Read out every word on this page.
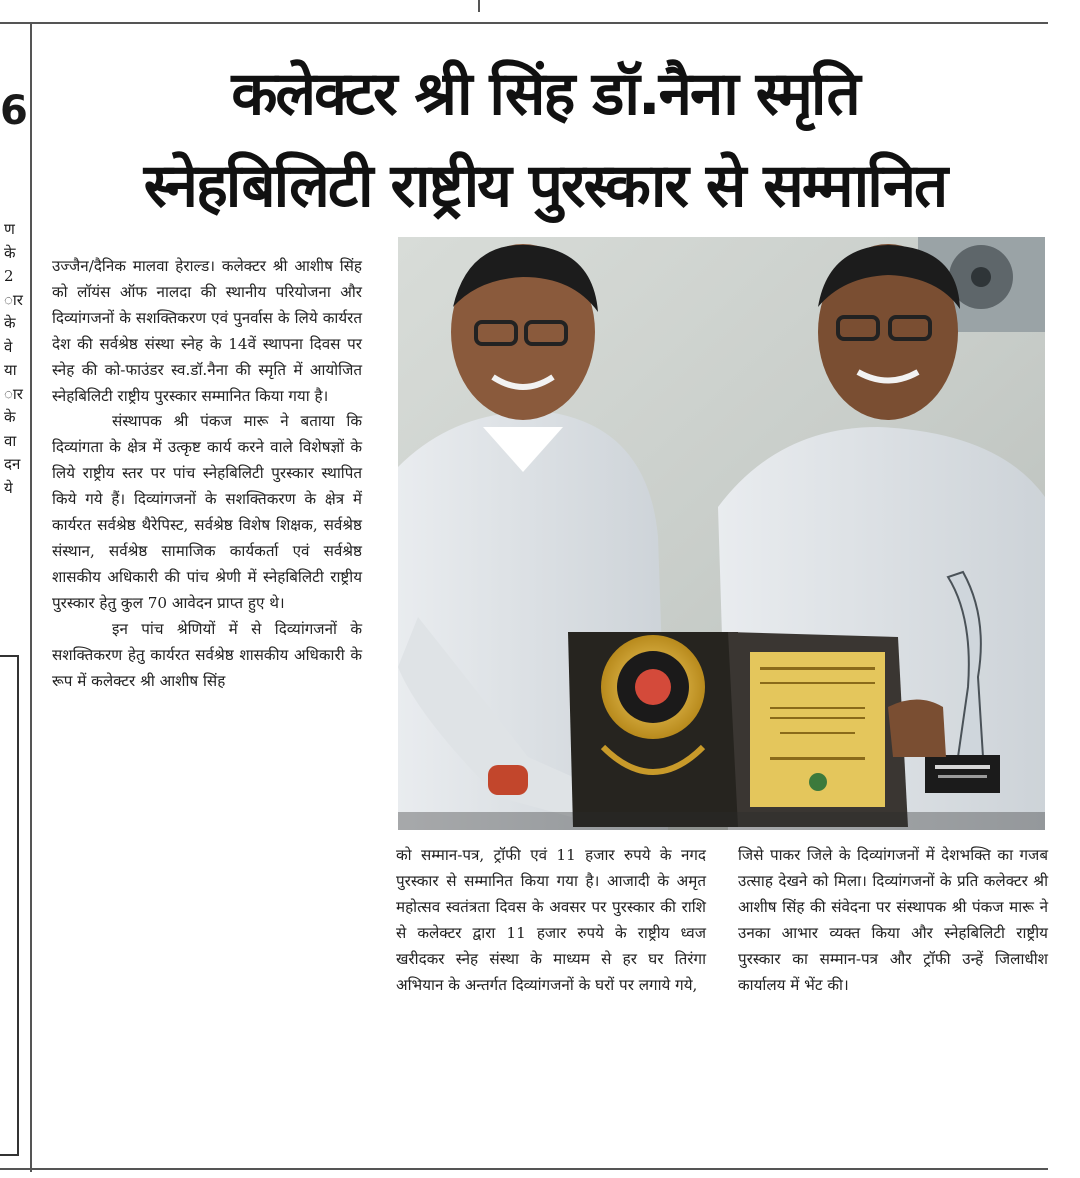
6
ण
के
2
ार
के
वे
या
ार
के
वा
दन
ये
कलेक्टर श्री सिंह डॉ.नैना स्मृति
स्नेहबिलिटी राष्ट्रीय पुरस्कार से सम्मानित

उज्जैन/दैनिक मालवा हेराल्ड। कलेक्टर श्री आशीष सिंह को लॉयंस ऑफ नालदा की स्थानीय परियोजना और दिव्यांगजनों के सशक्तिकरण एवं पुनर्वास के लिये कार्यरत देश की सर्वश्रेष्ठ संस्था स्नेह के 14वें स्थापना दिवस पर स्नेह की को-फाउंडर स्व.डॉ.नैना की स्मृति में आयोजित स्नेहबिलिटी राष्ट्रीय पुरस्कार सम्मानित किया गया है।

संस्थापक श्री पंकज मारू ने बताया कि दिव्यांगता के क्षेत्र में उत्कृष्ट कार्य करने वाले विशेषज्ञों के लिये राष्ट्रीय स्तर पर पांच स्नेहबिलिटी पुरस्कार स्थापित किये गये हैं। दिव्यांगजनों के सशक्तिकरण के क्षेत्र में कार्यरत सर्वश्रेष्ठ थैरेपिस्ट, सर्वश्रेष्ठ विशेष शिक्षक, सर्वश्रेष्ठ संस्थान, सर्वश्रेष्ठ सामाजिक कार्यकर्ता एवं सर्वश्रेष्ठ शासकीय अधिकारी की पांच श्रेणी में स्नेहबिलिटी राष्ट्रीय पुरस्कार हेतु कुल 70 आवेदन प्राप्त हुए थे।

इन पांच श्रेणियों में से दिव्यांगजनों के सशक्तिकरण हेतु कार्यरत सर्वश्रेष्ठ शासकीय अधिकारी के रूप में कलेक्टर श्री आशीष सिंह

को सम्मान-पत्र, ट्रॉफी एवं 11 हजार रुपये के नगद पुरस्कार से सम्मानित किया गया है। आजादी के अमृत महोत्सव स्वतंत्रता दिवस के अवसर पर पुरस्कार की राशि से कलेक्टर द्वारा 11 हजार रुपये के राष्ट्रीय ध्वज खरीदकर स्नेह संस्था के माध्यम से हर घर तिरंगा अभियान के अन्तर्गत दिव्यांगजनों के घरों पर लगाये गये,

जिसे पाकर जिले के दिव्यांगजनों में देशभक्ति का गजब उत्साह देखने को मिला। दिव्यांगजनों के प्रति कलेक्टर श्री आशीष सिंह की संवेदना पर संस्थापक श्री पंकज मारू ने उनका आभार व्यक्त किया और स्नेहबिलिटी राष्ट्रीय पुरस्कार का सम्मान-पत्र और ट्रॉफी उन्हें जिलाधीश कार्यालय में भेंट की।
